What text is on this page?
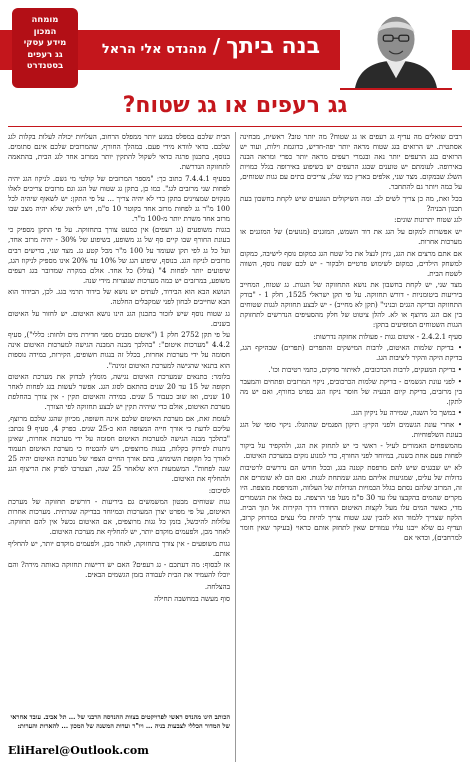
בנה ביתך/מהנדס אלי הראל
מומחה
המכון
מידע עסקי
גג רעפים
בסטנדרט
גג רעפים או גג שטוח?

רבים שואלים מה עדיף גג רעפים או גג שטוח? מה יותר טוב? ראשית, מבחינה אסתטית. יש הרואים בגג שטוח מראה יותר יפה-חדיש, כדוגמת וילות, ועוד יש הרואים בגג הרעפים יותר נאה ובגמרי רעפים מראה יותר כפרי ומראה הבנה באירופה. לעומתם יש טוענים שבגג הרעפים יש בשיפוע באירופה בגלל כמויות השלג שבמקום. מצד שני, אלפים בארץ כמו שלג, צריכים בתים עם גגות שטוחים, על כמה ויותר גם להתחבר.

בכל זאת, מה כן צריך לשים לב. ומה השיקולים הנוגעים שיש לקחת בחשבון בעת תכנון הבניה?

לגג שטוח יתרונות שונים:

יש אפשרות למקום על הגג את דוד השמש, המזגנים (מנועים) של המזגנים או מערכות אחרות.

אם אתם מרצים את הגג, ניתן לנצל את כל שטח הגג כמקום נוסף לישיבה, כמקום למשחק הילדים, כמקום לשימוש פרטיים ולבקור - יש לכם שטח נוסף, השווה לשטח הבית.

מצד שני, יש לקחת בחשבון את נושא התחזוקה של הגגות. גג שטוח, המחייב ביריעות ביטומניות - דורש תחזוקה. על פי תקן ישראלי 1525, חלק 1 - "בודק התחזוקה ובדיקה הגגים ובניני" (תקן לא מחייב) - יש לבצע תחזוקה לגגות שטוחים בין אם הגג מרוצף או לא. להלן ציטוט של חלק מהסעיפים הנדרשים לתחזוקת הגגות השטוחים המופיעים בתקן:

סעיף 2.4.2.1 - איטום גגות - פעולות אחזקה נדרשות:

• בדיקת שלמות האיטום, לרבות המישקים והתפרים (תפרים) שבהיקף הגג, בדיקת היקה והקיר ליציבות הגג.

• בדיקת המעקים, לרבות הכרכובים, לאיתור סדקים, כתמי רטיבות וכו'.

• לפני עונת הגשמים - בדיקת שלמות הכרכובים, ניקוי המרזבים ופתחים והמעבר בין מרזבים, בדיקת קיום הבעיה של חוסר ניקוז הגג בפרט בחורף, ואם יש מה לתקן.

• במשך כל השנה, שמירה על ניקיון הגג.

• אחרי עונת הגשמים ולפני הקיץ: תיקון הפגמים שהתגלו. ניקוי סופי של הגג בעונת השלפוחיות.

מהמשפחים האמורים לעיל - ראשי כי יש לתחזק את הגג, ולהקפיד על ביקור לפחות פעם אחת בשנה, במיוחד לפני החורף, כדי למנוע נזקים במערכת האיטום.

לא יש שבגגים שיש להם מרפסת קטנה בגג, ובכל חודש הם נדרשים לרטיבות גדולות של עלים, שמגיעות אליהם מהגג שמתחת לגגות. ואם הם לא שומרים את זה, המרזב שלהם נסתם בגלל הכמויות הגדולות של העלווה, והמרפסת מוצפת. היו מקרים שהמים בהקבצו עלו עד 30 ס"מ מעל פני הרצפה. גם באלו את הנשמרים מדי, כאשר המים עלו מעל לקצות האיטום החודרו דרך הקירות אל תוך הבית. הלקח שצריך ללמוד הוא להבין שגג שטוח צריך להיות בלי עצים במרחק קרוב, ועדיף גם שלא ייבנו עליו עמודים שאין לתחזק אותם כראוי (בעיקר שאין חומר למרחבים), וכדאי אם

הבית שלכם במפלס במגע יותר ממפלס הרחוב, העלויות יכולה לעלות בקלות לגג שלכם. כדאי לוודא מידי פעם. במהלך החורף, שהמרזבים שלכם אינם סתומים. בנוסף, בתכנון פרגה כדאי לשקול להתקין יותר ממרזב אחד לגג הבית, בהתאמה לתחזוקה הנדרשת.

בסעיף 7.4.4.1 כתוב כך: "מספר המרזבים של קולטי מי גשם. לניקוז הגג יהיה לפחות שני מרזבים לגג". כמו כן, בתקן גג שטוח של הגג וגם מרזבים צריכים לאלו מנקזים שמצוינים בתקן כדי לא יהיה צריך ... על פי התקן: יש לשאוף שיהיה לכל 100 מ"ר גג לפחות מרזב אחד בקוטר 10 ס"מ, ויש לדאוג שלא יהיה מצב שבו מרזב אחד משרת יותר מ-100 מ"ר.

בגגות משופעים (גג רעפים) אין כמעט צורך בתחזוקה. על פי התקן מספיק כי בעונת החורף שבו קיים סף של גג משופע, בשיפוע של 30% - יהיה מרזב אחד, ועל כל גג לפי תקן שעומד על 100 מ"ר מכל קטע גג. מצד שני, בדישים רבים מרזבים לניקוז הגג. בנוסף, שיפוע הגג של 10% עד 20% אינו מספיק לניקוז הגג, שיפועים יותר לפחות 4" (צולל) כל אחד. אולם במקרה שמדובר בגג רעפים משופע, במרזבים יש כמה מערכות שנוצרות מידי שנה.

הנושא הבא הוא הבידוד, לעתים יש נושא של בידוד תרמי בגג. לכן, הבידוד הוא הבא שחייבים לבחון לפני שמקבלים החלטה.

גג שטוח נוסף שיש לזכור בתכנון הגג הינו נושא האיטום. יש לחזור על האיטום בשנים.

על פי תקן 2752 חלק 1 ("איטום מבנים מפני חדירת מים ולחות: כללי"), סעיף 4.4.2 "מערכות איטום": "בהלכך מבנה המבנה הגישה למערכות האיטום אינה חסומה על ידי מערכות אחרות, בכלל זה בנגות חשופים, הקירות, במידה נוספות הוא בתנאי שהגישה למערכת האיטום זמינה".

בלומר: בתנאים שמערכת האיטום נגישה, מומלץ לבדוק את מערכת האיטום תקופה של 15 עד 20 שנים בהתאם לסוג הגג. אפשר לעשות בגג לפחות לאחר 10 שנים, ואז שוב כעבור 5 שנים. במידה והאיטום תקין - אין צורך בהחלפת מערכת האיטום, אולם כדי שיהיה תקין יש לבצע תחזוקה לפי הצורך.

לעומת זאת, אם מערכת האיטום שלכם אינה חשופה, מכיוון שהגג שלכם מרוצף, עליכם לדעת כי אורך חייה המצופה הוא כ-25 שנים. בפרק 4, סעיף 9 נכתב: "בתלכך מבנה הגישה למערכות האיטום חסומה על ידי מערכות אחרות, שאינן ניתנות לפירוק בקלות, בנגות מרוצפים, ויש להבטיח כי מערכת האיטום תעמוד לאורך כל תקופת השימוש, בהם אורך החיים הצפוי של מערכת האיטום יהיה 25 שנה לפחות". המשמעות היא שלאחר 25 שנה, תצטרכו לפרק את הריצוף הגג ולהחליף את האיטום.

לסיכום:

גגות שטוחים מבטון המשמשים גם ביריעות - דורשים תחזוקה של מערכת האיטום, על פי מפרט יצרן המערכות ובמיוחד בבדיקה שגרתית. מערכות אחרות עלולות להיכשל, בזמן כל גגות מרוצפים, אם האיטום נכשל אין להם תחזוקה. לאחר מכן, ולפעמים מוקדם יותר, יש להחליף את מערכת האיטום.

גגות משופעים - אין צורך בתחזוקה, לאחר מכן, ולפעמים מוקדם יותר, יש להחליף אותם.

אז לבסוף: מה דעתכם - גג רעפים? האם יש דרישות תחזוקה באותה מידה? והם יוכלו להעמיד את הבית לעבודה בזמן הגשמים הבאים.

בהצלחה.

סוף מעשה במחשבה תחילה

הכותב הינו מהנדס ראשי לפרויקטים בצוות ההנדסה הרבני של ... תל אביב. עובד אחראי של המדור הכללי לצבעות בניה ... ויו"ר ועדות המשנה של המכון ... להארות והערות:
EliHarel@Outlook.com
